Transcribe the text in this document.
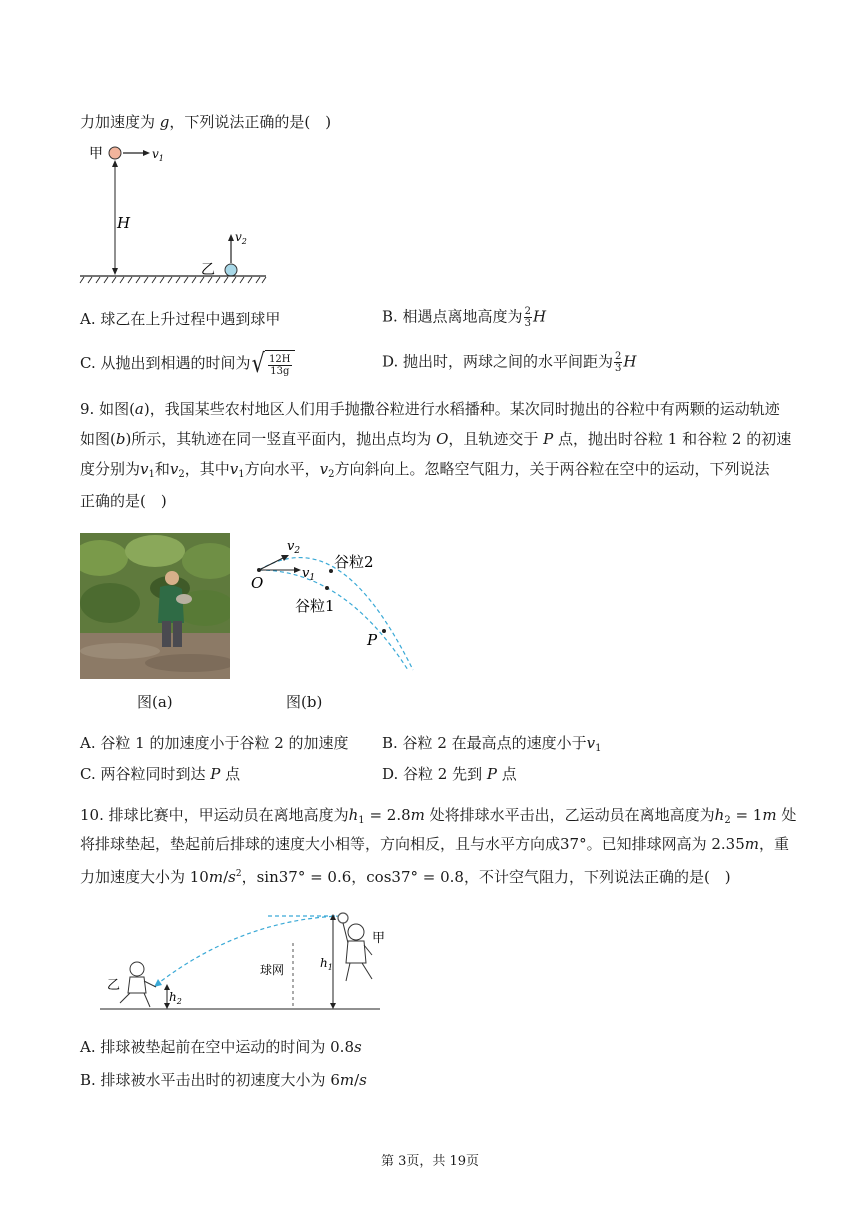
力加速度为 g，下列说法正确的是(　)
甲	$v_1$
H
$v_2$
乙
A. 球乙在上升过程中遇到球甲	B. 相遇点离地高度为 $\frac{2}{3}$ H
C. 从抛出到相遇的时间为 √ $\frac{12H}{13g}$	D. 抛出时，两球之间的水平间距为 $\frac{2}{3}$ H
9. 如图(𝑎)，我国某些农村地区人们用手抛撒谷粒进行水稻播种。某次同时抛出的谷粒中有两颗的运动轨迹
如图(𝑏)所示，其轨迹在同一竖直平面内，抛出点均为 𝑂，且轨迹交于 𝑃 点，抛出时谷粒 1 和谷粒 2 的初速
度分别为𝑣$_1$和𝑣$_2$，其中𝑣$_1$方向水平，𝑣$_2$方向斜向上。忽略空气阻力，关于两谷粒在空中的运动，下列说法
正确的是(　)
$v_2$
$v_1$
O
谷粒2
谷粒1
P
图(a)	图(b)
A. 谷粒 1 的加速度小于谷粒 2 的加速度 B. 谷粒 2 在最高点的速度小于𝑣$_1$
C. 两谷粒同时到达 𝑃 点	D. 谷粒 2 先到 𝑃 点
10. 排球比赛中，甲运动员在离地高度为ℎ$_1$ = 2.8𝑚 处将排球水平击出，乙运动员在离地高度为ℎ$_2$ = 1𝑚 处
将排球垫起，垫起前后排球的速度大小相等，方向相反，且与水平方向成37°。已知排球网高为 2.35𝑚，重
力加速度大小为 10𝑚/𝑠$^2$，sin37° = 0.6，cos37° = 0.8，不计空气阻力，下列说法正确的是(　)
球网	$h_1$
甲
乙
$h_2$
A. 排球被垫起前在空中运动的时间为 0.8𝑠
B. 排球被水平击出时的初速度大小为 6𝑚/𝑠
第 3页，共 19页
